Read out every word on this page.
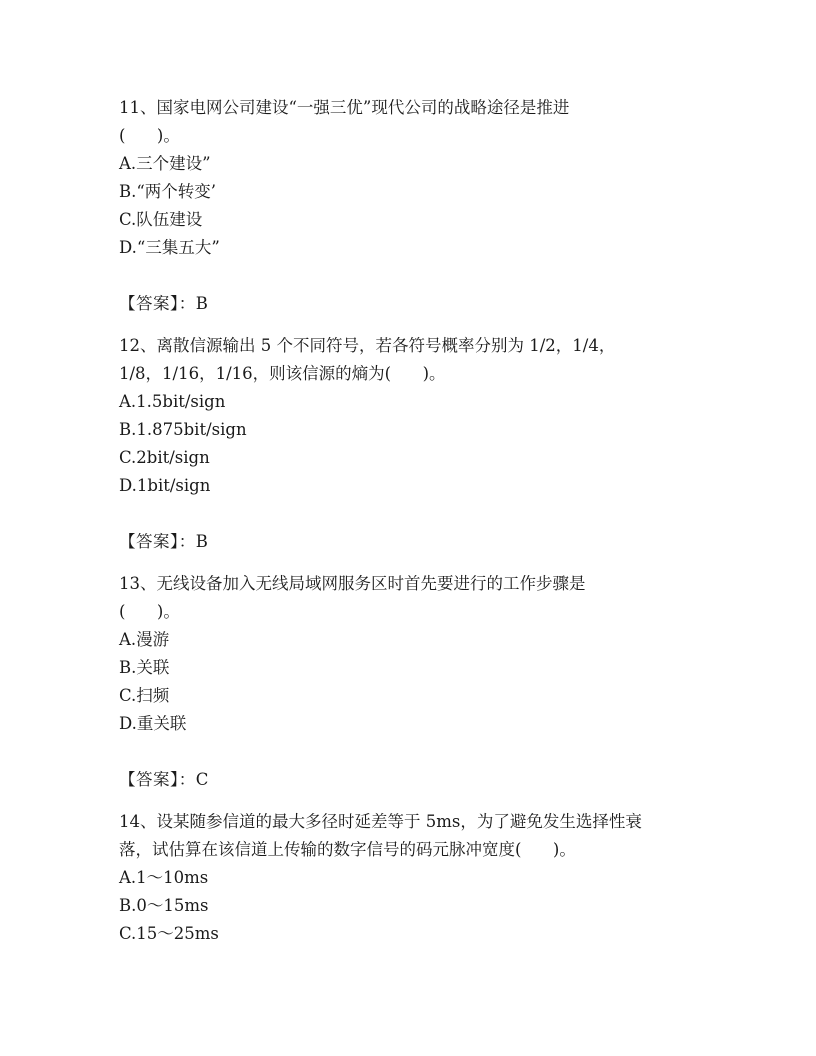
11、国家电网公司建设“一强三优”现代公司的战略途径是推进
(      )。
A.三个建设”
B.“两个转变’
C.队伍建设
D.“三集五大”
【答案】：B
12、离散信源输出 5 个不同符号，若各符号概率分别为 1/2，1/4，
1/8，1/16，1/16，则该信源的熵为(      )。
A.1.5bit/sign
B.1.875bit/sign
C.2bit/sign
D.1bit/sign
【答案】：B
13、无线设备加入无线局域网服务区时首先要进行的工作步骤是
(      )。
A.漫游
B.关联
C.扫频
D.重关联
【答案】：C
14、设某随参信道的最大多径时延差等于 5ms，为了避免发生选择性衰
落，试估算在该信道上传输的数字信号的码元脉冲宽度(      )。
A.1～10ms
B.0～15ms
C.15～25ms
